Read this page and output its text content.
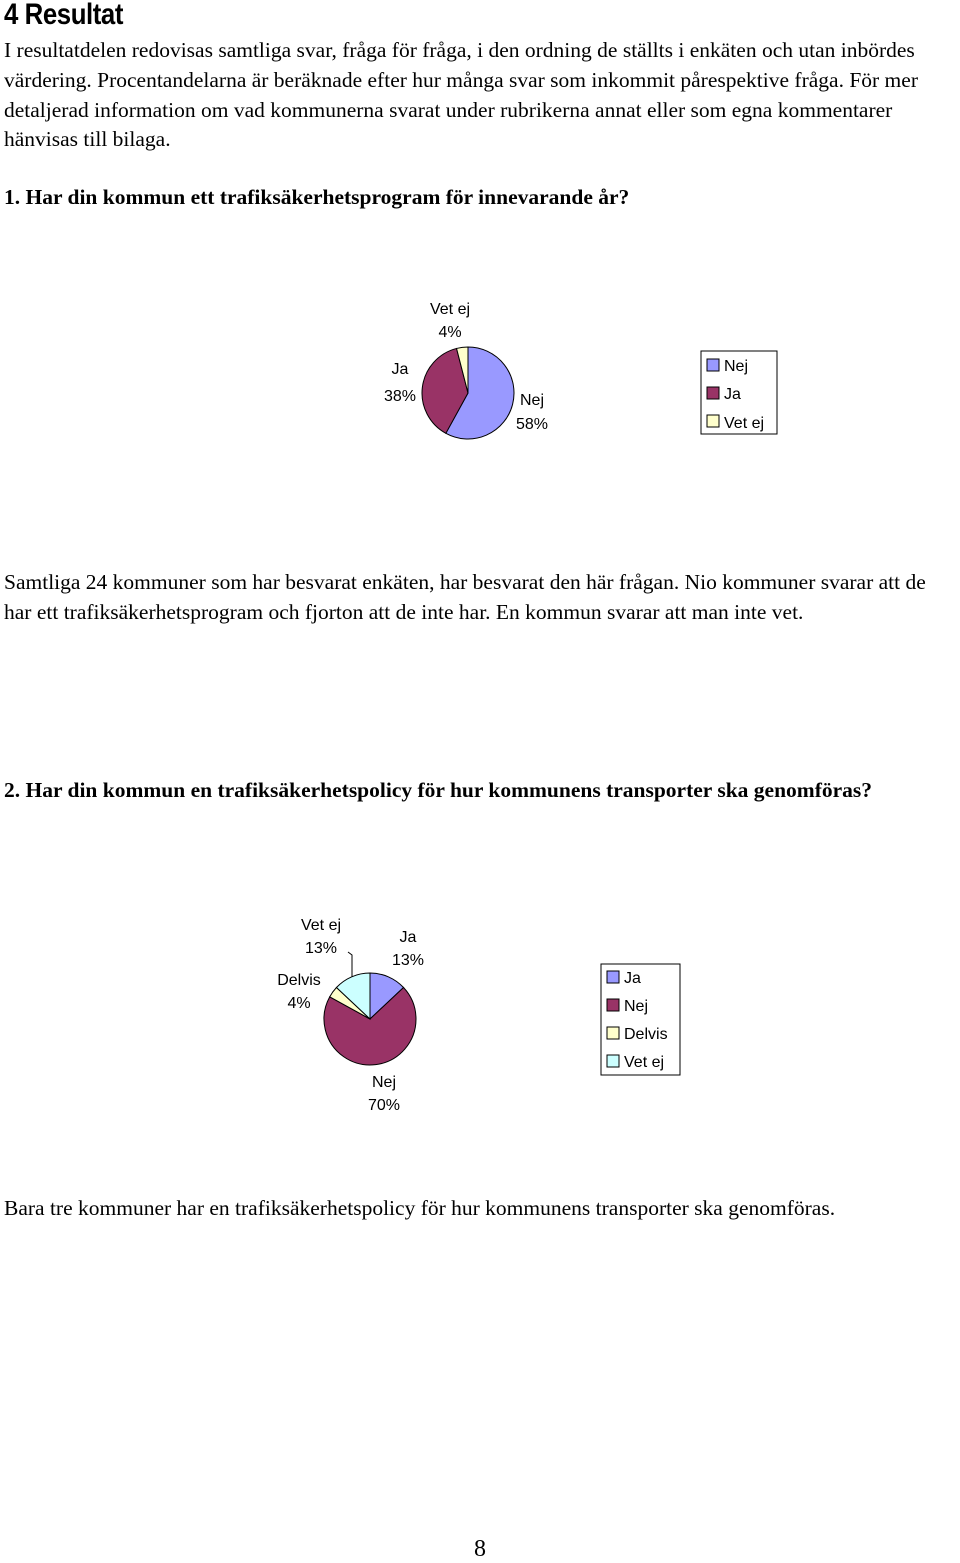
4 Resultat

I resultatdelen redovisas samtliga svar, fråga för fråga, i den ordning de ställts i enkäten och utan inbördes värdering. Procentandelarna är beräknade efter hur många svar som inkommit pårespektive fråga. För mer detaljerad information om vad kommunerna svarat under rubrikerna annat eller som egna kommentarer hänvisas till bilaga.

1. Har din kommun ett trafiksäkerhetsprogram för innevarande år?

Vet ej
4%
Ja
38%	Nej
58%
Nej
Ja
Vet ej

Samtliga 24 kommuner som har besvarat enkäten, har besvarat den här frågan. Nio kommuner svarar att de har ett trafiksäkerhetsprogram och fjorton att de inte har. En kommun svarar att man inte vet.

2. Har din kommun en trafiksäkerhetspolicy för hur kommunens transporter ska genomföras?

Vet ej
13%
Ja
13%
Delvis
4%
Nej
70%
Ja
Nej
Delvis
Vet ej

Bara tre kommuner har en trafiksäkerhetspolicy för hur kommunens transporter ska genomföras.

8
